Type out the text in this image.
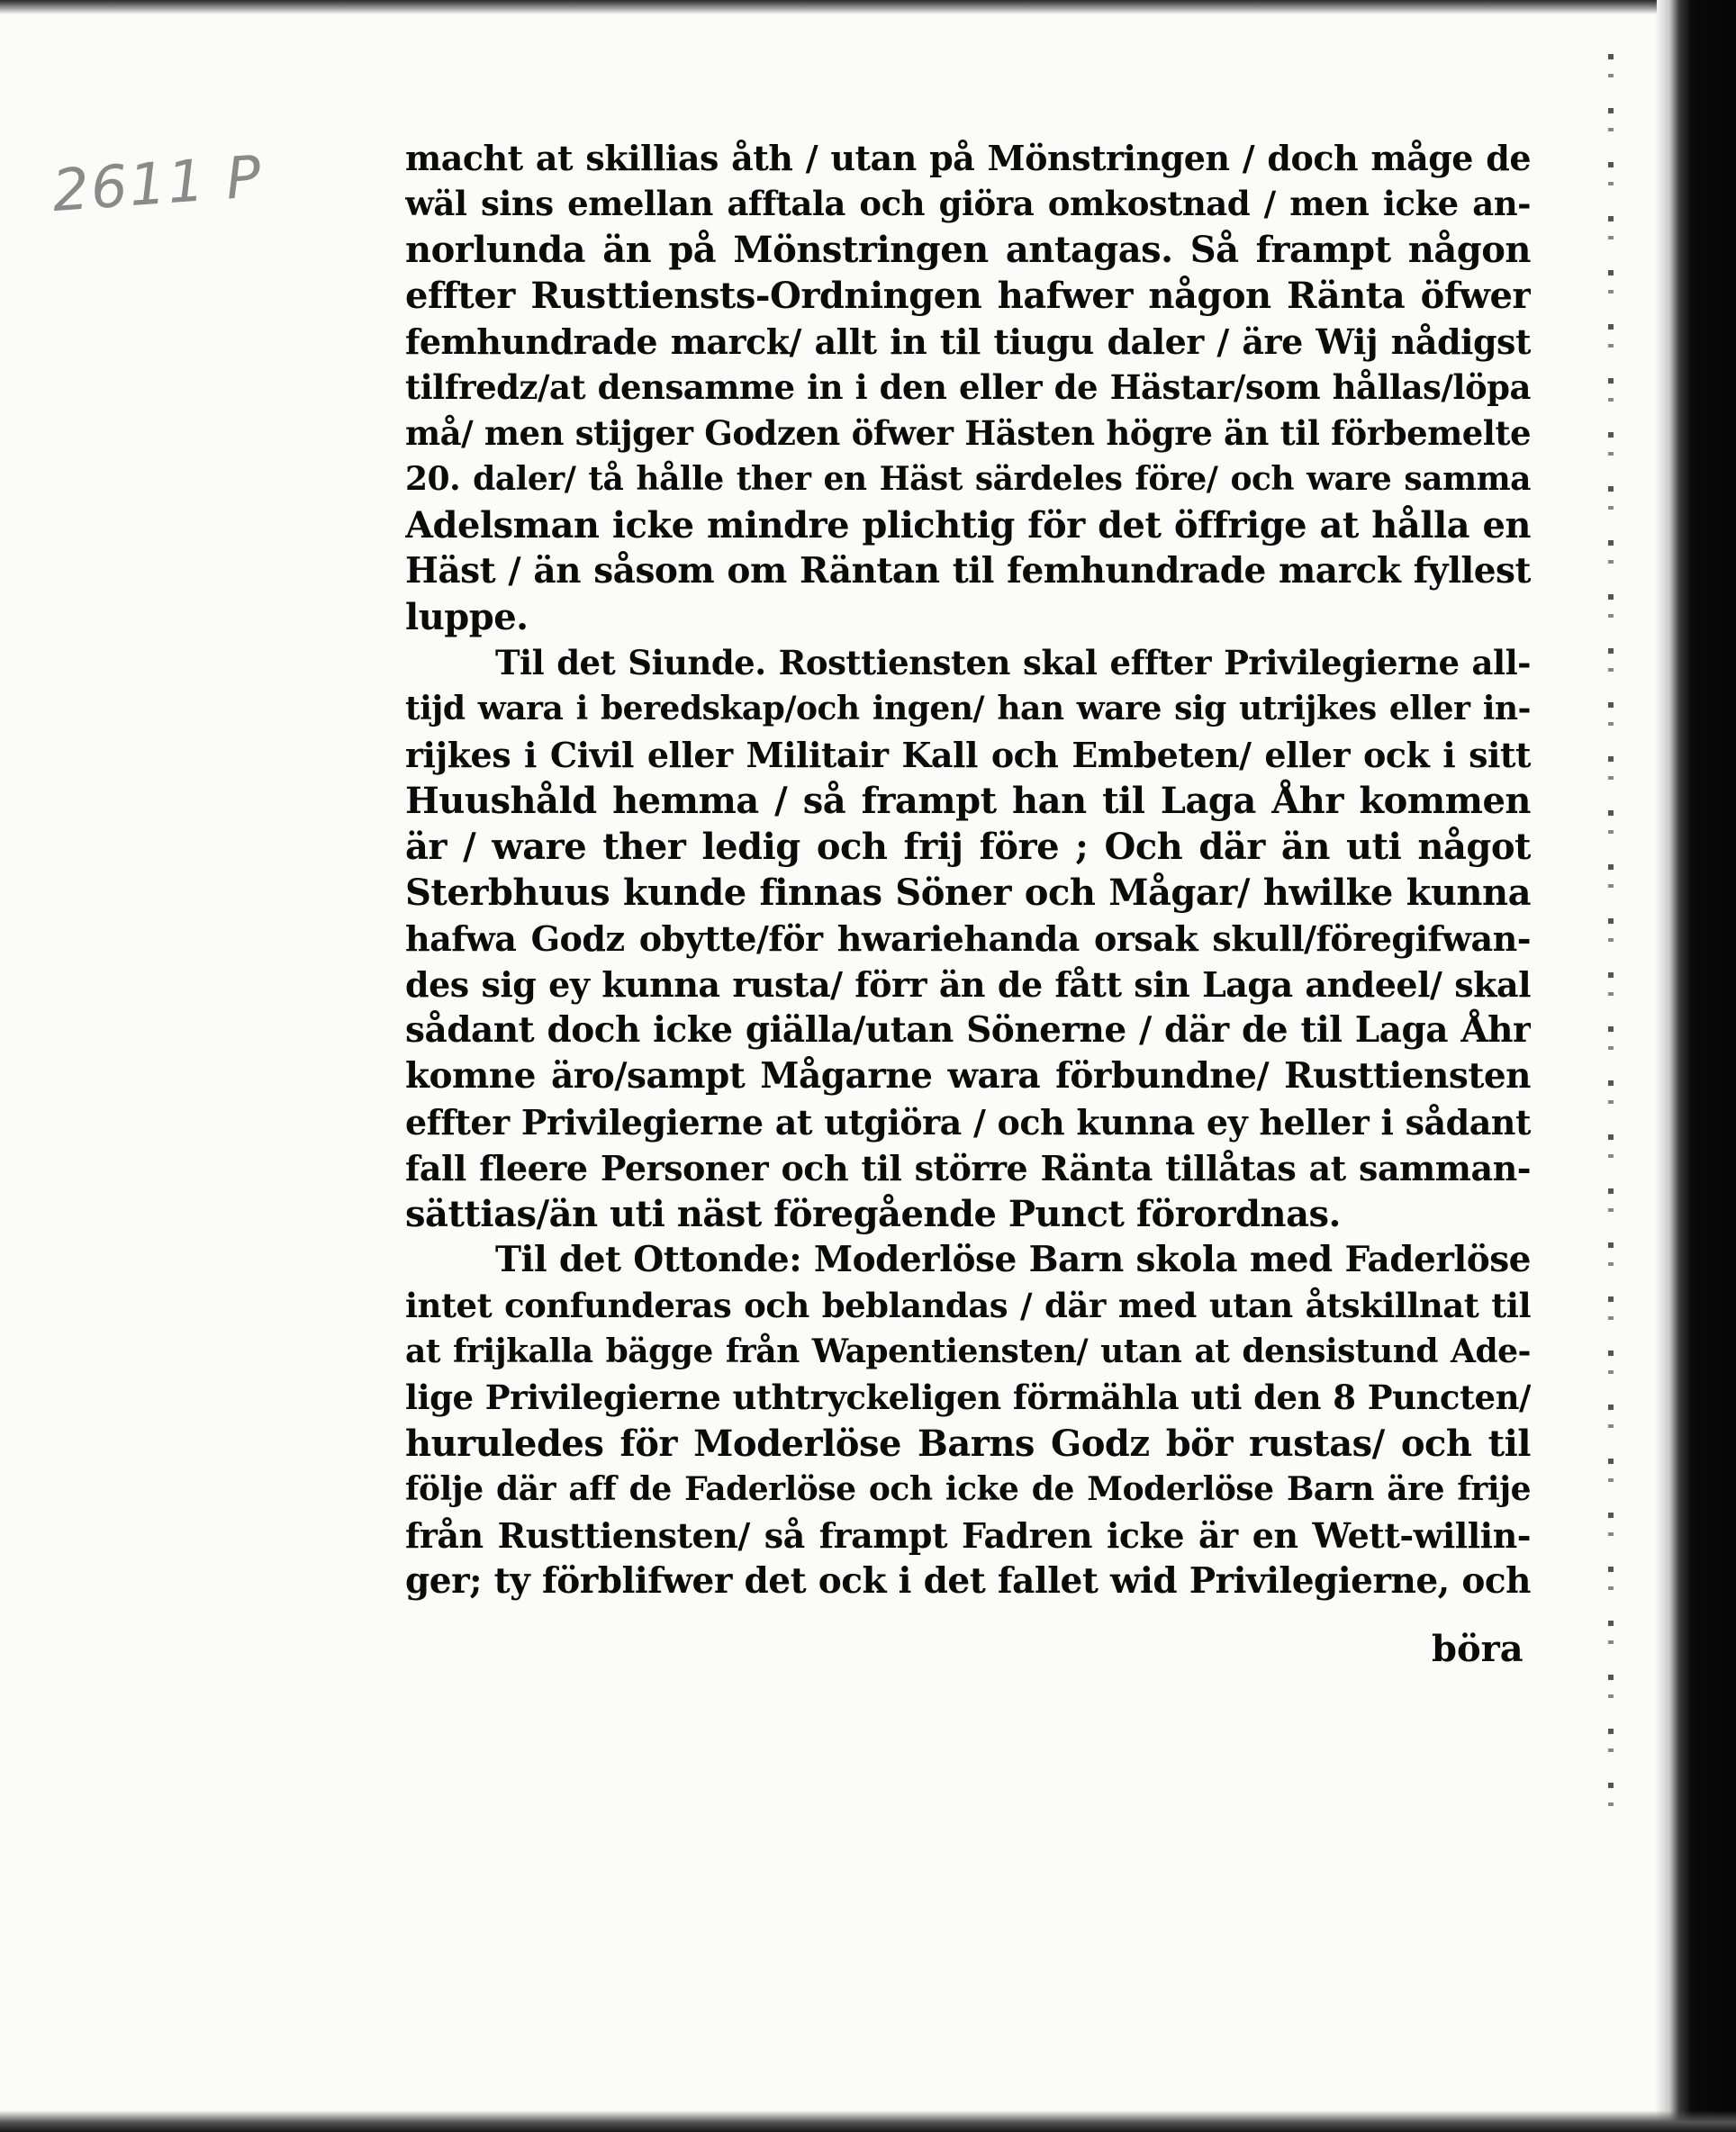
2611 P	macht at skillias åth / utan på Mönstringen / doch måge de
wäl sins emellan afftala och giöra omkostnad / men icke an-
norlunda än på Mönstringen antagas. Så frampt någon
effter Rusttiensts-Ordningen hafwer någon Ränta öfwer
femhundrade marck/ allt in til tiugu daler / äre Wij nådigst
tilfredz/at densamme in i den eller de Hästar/som hållas/löpa
må/ men stijger Godzen öfwer Hästen högre än til förbemelte
20. daler/ tå hålle ther en Häst särdeles före/ och ware samma
Adelsman icke mindre plichtig för det öffrige at hålla en
Häst / än såsom om Räntan til femhundrade marck fyllest
luppe.
Til det Siunde. Rosttiensten skal effter Privilegierne all-
tijd wara i beredskap/och ingen/ han ware sig utrijkes eller in-
rijkes i Civil eller Militair Kall och Embeten/ eller ock i sitt
Huushåld hemma / så frampt han til Laga Åhr kommen
är / ware ther ledig och frij före ; Och där än uti något
Sterbhuus kunde finnas Söner och Mågar/ hwilke kunna
hafwa Godz obytte/för hwariehanda orsak skull/föregifwan-
des sig ey kunna rusta/ förr än de fått sin Laga andeel/ skal
sådant doch icke giälla/utan Sönerne / där de til Laga Åhr
komne äro/sampt Mågarne wara förbundne/ Rusttiensten
effter Privilegierne at utgiöra / och kunna ey heller i sådant
fall fleere Personer och til större Ränta tillåtas at samman-
sättias/än uti näst föregående Punct förordnas.
Til det Ottonde: Moderlöse Barn skola med Faderlöse
intet confunderas och beblandas / där med utan åtskillnat til
at frijkalla bägge från Wapentiensten/ utan at densistund Ade-
lige Privilegierne uthtryckeligen förmähla uti den 8 Puncten/
huruledes för Moderlöse Barns Godz bör rustas/ och til
följe där aff de Faderlöse och icke de Moderlöse Barn äre frije
från Rusttiensten/ så frampt Fadren icke är en Wett-willin-
ger; ty förblifwer det ock i det fallet wid Privilegierne, och
böra
